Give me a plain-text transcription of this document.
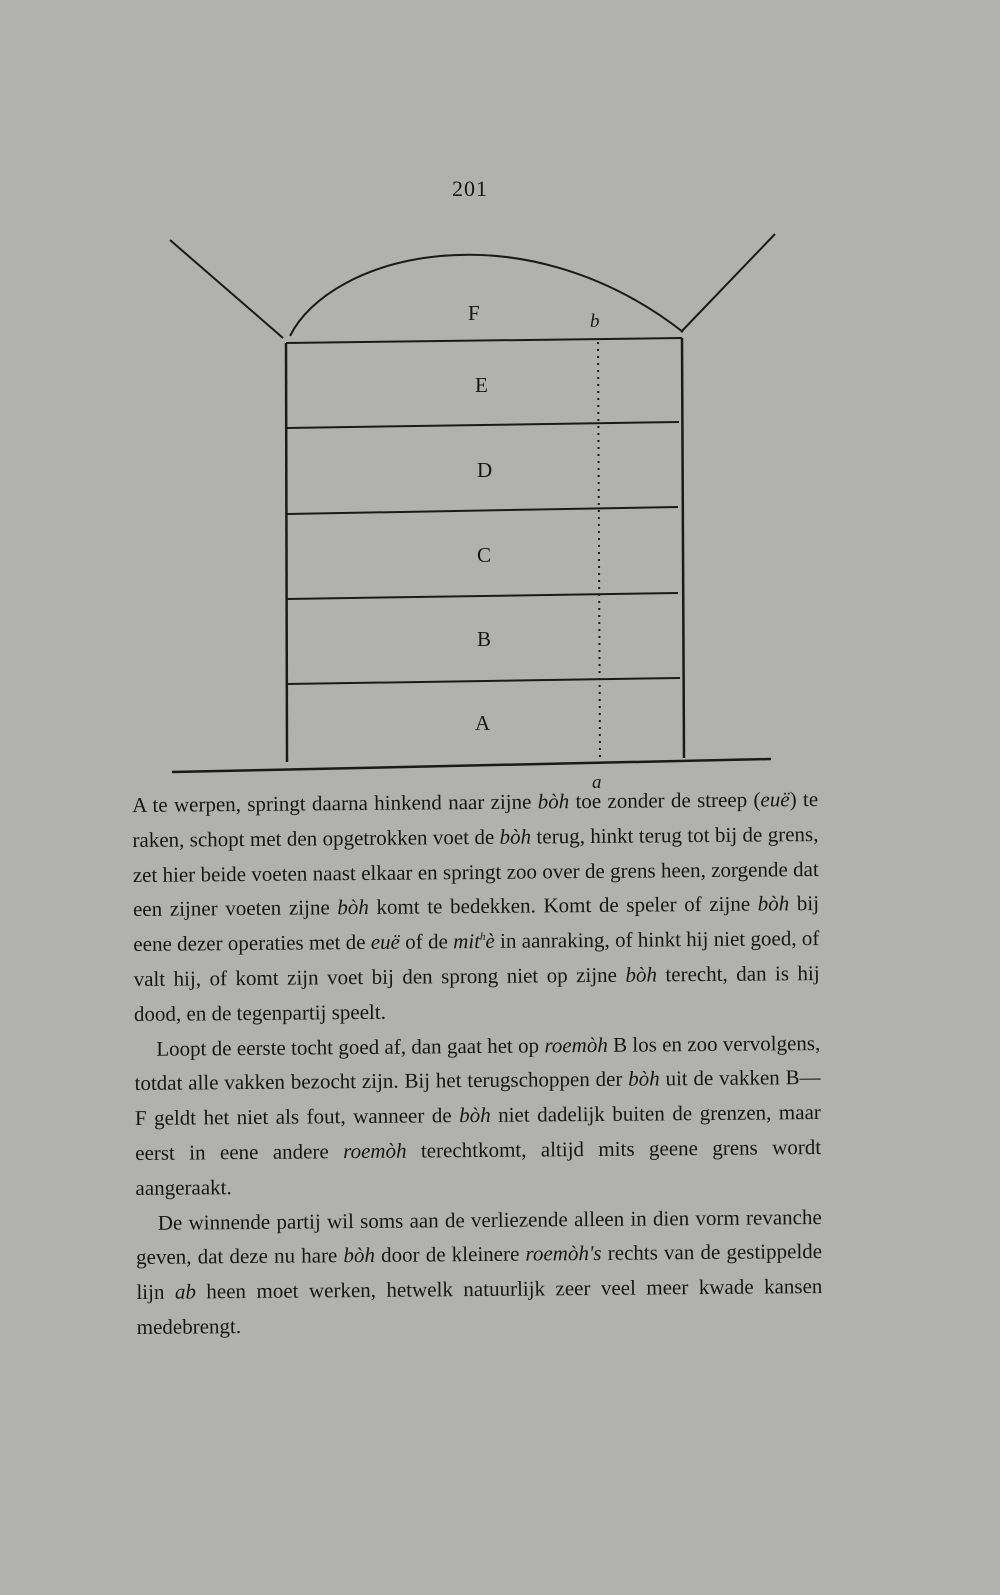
201
F
E
D
C
B
A
b
a

A te werpen, springt daarna hinkend naar zijne bòh toe zonder de streep (euë) te raken, schopt met den opgetrokken voet de bòh terug, hinkt terug tot bij de grens, zet hier beide voeten naast elkaar en springt zoo over de grens heen, zorgende dat een zijner voeten zijne bòh komt te bedekken. Komt de speler of zijne bòh bij eene dezer operaties met de euë of de mit$^h$è in aanraking, of hinkt hij niet goed, of valt hij, of komt zijn voet bij den sprong niet op zijne bòh terecht, dan is hij dood, en de tegenpartij speelt.

Loopt de eerste tocht goed af, dan gaat het op roemòh B los en zoo vervolgens, totdat alle vakken bezocht zijn. Bij het terugschoppen der bòh uit de vakken B—F geldt het niet als fout, wanneer de bòh niet dadelijk buiten de grenzen, maar eerst in eene andere roemòh terechtkomt, altijd mits geene grens wordt aangeraakt.

De winnende partij wil soms aan de verliezende alleen in dien vorm revanche geven, dat deze nu hare bòh door de kleinere roemòh's rechts van de gestippelde lijn ab heen moet werken, hetwelk natuurlijk zeer veel meer kwade kansen medebrengt.
